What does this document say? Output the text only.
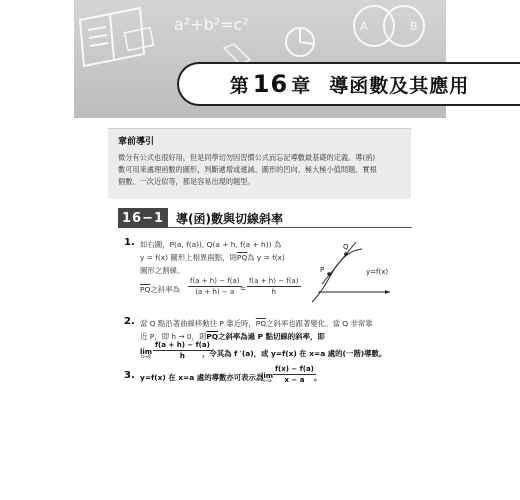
A	B
a²+b²=c²
第 16 章 導函數及其應用
章前導引
微分有公式也很好用，但是同學切勿因習慣公式而忘記導數最基礎的定義。導(函)
數可用來處理函數的圖形，判斷遞增或遞減、圖形的凹向、極大極小值問題、實根
個數、一次近似等，都是容易出現的題型。
16−1 導(函)數與切線斜率
1. 如右圖，P(a, f(a)), Q(a + h, f(a + h)) 為
y = f(x) 圖形上相異兩點，則$\overline{PQ}$為 y = f(x)
圖形之割線。
$\overline{PQ}$之斜率為 $\frac{f(a + h) - f(a)}{(a + h) - a}$
= $\frac{f(a + h) - f(a)}{h}$
P
Q
y=f(x)
2. 當 Q 點沿著曲線移動往 P 靠近時，$\overline{PQ}$之斜率也跟著變化。當 Q 非常靠
近 P，即 h → 0，則$\overline{PQ}$之斜率為過 P 點切線的斜率，即
lim
$h\to 0 \frac{f(a + h) - f(a)}{h}$
，令其為 f ′(a)，或 y=f(x) 在 x=a 處的(一階)導數。
3. y=f(x) 在 x=a 處的導數亦可表示為
lim
$x\to a \frac{f(x) - f(a)}{x - a}$
。
